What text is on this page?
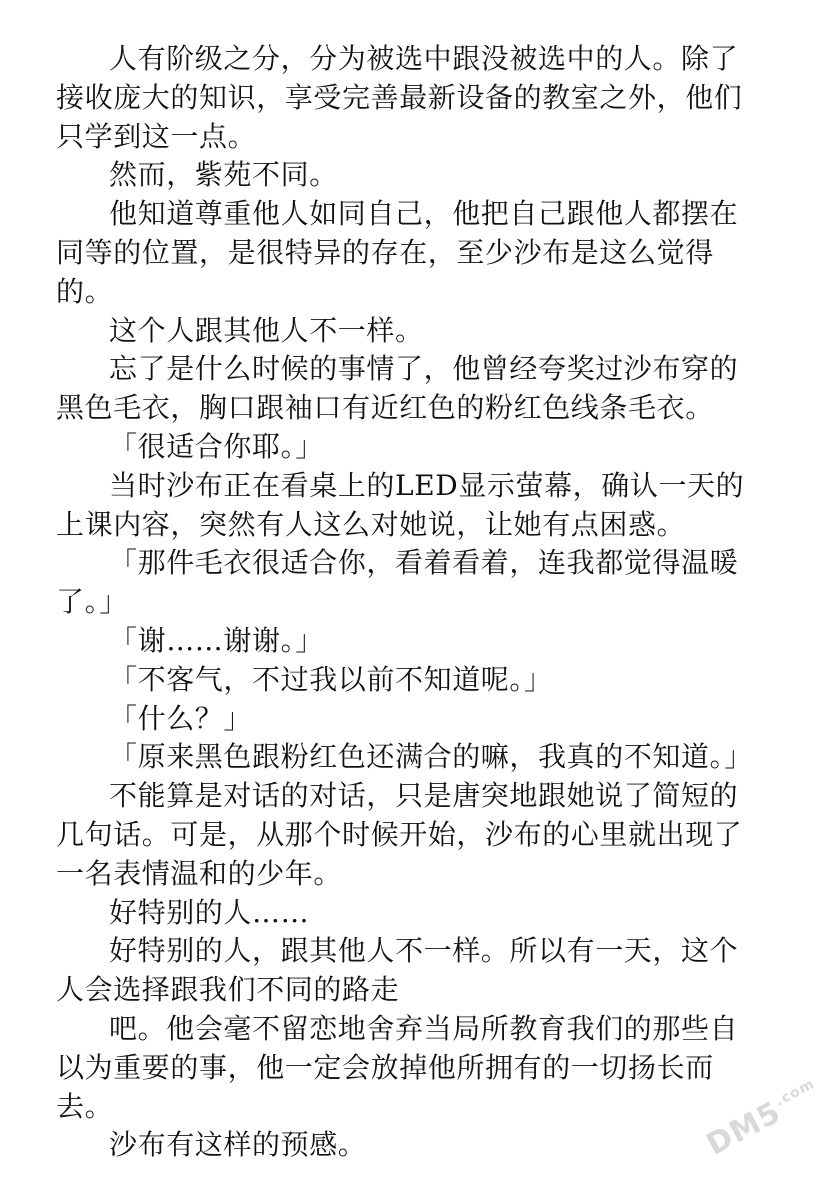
人有阶级之分，分为被选中跟没被选中的人。除了接收庞大的知识，享受完善最新设备的教室之外，他们只学到这一点。

然而，紫苑不同。

他知道尊重他人如同自己，他把自己跟他人都摆在同等的位置，是很特异的存在，至少沙布是这么觉得的。

这个人跟其他人不一样。

忘了是什么时候的事情了，他曾经夸奖过沙布穿的黑色毛衣，胸口跟袖口有近红色的粉红色线条毛衣。

「很适合你耶。」

当时沙布正在看桌上的LED显示萤幕，确认一天的上课内容，突然有人这么对她说，让她有点困惑。

「那件毛衣很适合你，看着看着，连我都觉得温暖了。」

「谢……谢谢。」

「不客气，不过我以前不知道呢。」

「什么？」

「原来黑色跟粉红色还满合的嘛，我真的不知道。」

不能算是对话的对话，只是唐突地跟她说了简短的几句话。可是，从那个时候开始，沙布的心里就出现了一名表情温和的少年。

好特别的人……

好特别的人，跟其他人不一样。所以有一天，这个人会选择跟我们不同的路走

吧。他会毫不留恋地舍弃当局所教育我们的那些自以为重要的事，他一定会放掉他所拥有的一切扬长而去。

沙布有这样的预感。	DM5
.com
